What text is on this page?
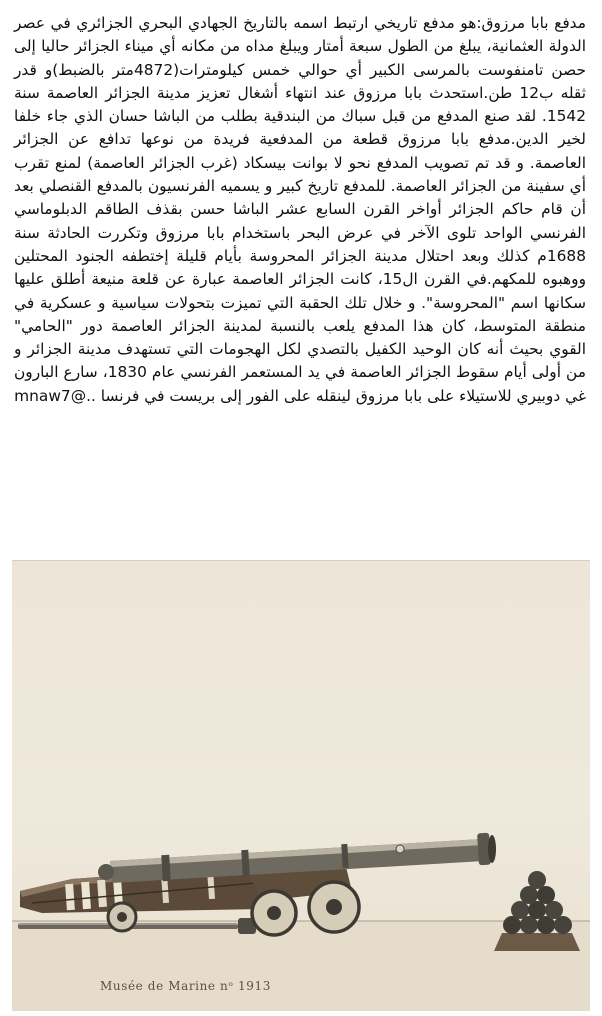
مدفع بابا مرزوق:هو مدفع تاريخي ارتبط اسمه بالتاريخ الجهادي البحري الجزائري في عصر الدولة العثمانية، يبلغ من الطول سبعة أمتار ويبلغ مداه من مكانه أي ميناء الجزائر حاليا إلى حصن تامنفوست بالمرسى الكبير أي حوالي خمس كيلومترات(4872متر بالضبط)و قدر ثقله ب12 طن.استحدث بابا مرزوق عند انتهاء أشغال تعزيز مدينة الجزائر العاصمة سنة 1542. لقد صنع المدفع من قبل سباك من البندقية بطلب من الباشا حسان الذي جاء خلفا لخير الدين.مدفع بابا مرزوق قطعة من المدفعية فريدة من نوعها تدافع عن الجزائر العاصمة. و قد تم تصويب المدفع نحو لا بوانت بيسكاد (غرب الجزائر العاصمة) لمنع تقرب أي سفينة من الجزائر العاصمة. للمدفع تاريخ كبير و يسميه الفرنسيون بالمدفع القنصلي بعد أن قام حاكم الجزائر أواخر القرن السابع عشر الباشا حسن بقذف الطاقم الدبلوماسي الفرنسي الواحد تلوى الآخر في عرض البحر باستخدام بابا مرزوق وتكررت الحادثة سنة 1688م كذلك وبعد احتلال مدينة الجزائر المحروسة بأيام قليلة إختطفه الجنود المحتلين ووهبوه للمكهم.في القرن ال15، كانت الجزائر العاصمة عبارة عن قلعة منيعة أطلق عليها سكانها اسم "المحروسة". و خلال تلك الحقبة التي تميزت بتحولات سياسية و عسكرية في منطقة المتوسط، كان هذا المدفع يلعب بالنسبة لمدينة الجزائر العاصمة دور "الحامي" القوي بحيث أنه كان الوحيد الكفيل بالتصدي لكل الهجومات التي تستهدف مدينة الجزائر و من أولى أيام سقوط الجزائر العاصمة في يد المستعمر الفرنسي عام 1830، سارع البارون غي دوبيري للاستيلاء على بابا مرزوق لينقله على الفور إلى بريست في فرنسا ..@mnaw7

Musée de Marine nᵒ 1913
